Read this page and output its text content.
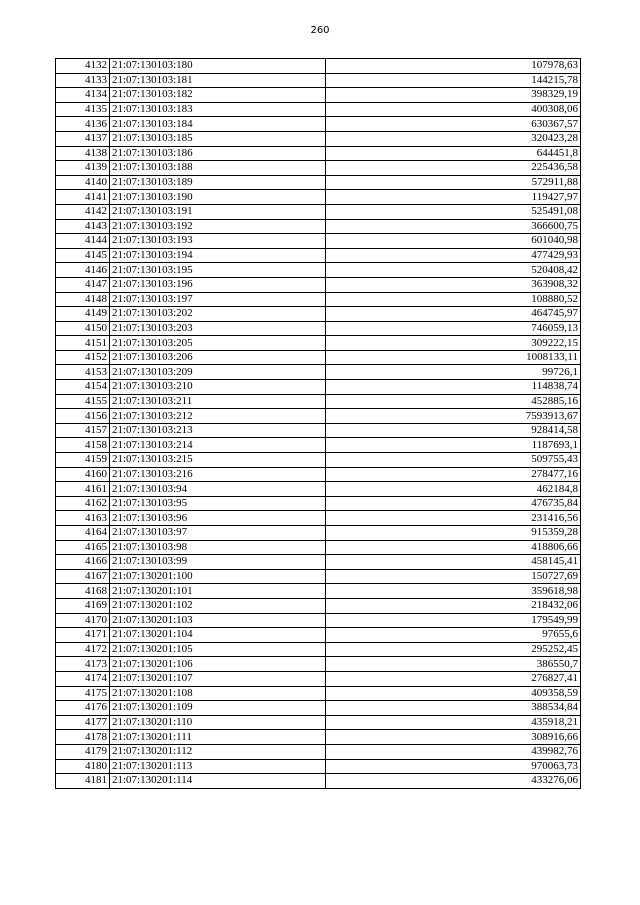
260
4132	21:07:130103:180	107978,63
4133	21:07:130103:181	144215,78
4134	21:07:130103:182	398329,19
4135	21:07:130103:183	400308,06
4136	21:07:130103:184	630367,57
4137	21:07:130103:185	320423,28
4138	21:07:130103:186	644451,8
4139	21:07:130103:188	225436,58
4140	21:07:130103:189	572911,88
4141	21:07:130103:190	119427,97
4142	21:07:130103:191	525491,08
4143	21:07:130103:192	366600,75
4144	21:07:130103:193	601040,98
4145	21:07:130103:194	477429,93
4146	21:07:130103:195	520408,42
4147	21:07:130103:196	363908,32
4148	21:07:130103:197	108880,52
4149	21:07:130103:202	464745,97
4150	21:07:130103:203	746059,13
4151	21:07:130103:205	309222,15
4152	21:07:130103:206	1008133,11
4153	21:07:130103:209	99726,1
4154	21:07:130103:210	114838,74
4155	21:07:130103:211	452885,16
4156	21:07:130103:212	7593913,67
4157	21:07:130103:213	928414,58
4158	21:07:130103:214	1187693,1
4159	21:07:130103:215	509755,43
4160	21:07:130103:216	278477,16
4161	21:07:130103:94	462184,8
4162	21:07:130103:95	476735,84
4163	21:07:130103:96	231416,56
4164	21:07:130103:97	915359,28
4165	21:07:130103:98	418806,66
4166	21:07:130103:99	458145,41
4167	21:07:130201:100	150727,69
4168	21:07:130201:101	359618,98
4169	21:07:130201:102	218432,06
4170	21:07:130201:103	179549,99
4171	21:07:130201:104	97655,6
4172	21:07:130201:105	295252,45
4173	21:07:130201:106	386550,7
4174	21:07:130201:107	276827,41
4175	21:07:130201:108	409358,59
4176	21:07:130201:109	388534,84
4177	21:07:130201:110	435918,21
4178	21:07:130201:111	308916,66
4179	21:07:130201:112	439982,76
4180	21:07:130201:113	970063,73
4181	21:07:130201:114	433276,06
